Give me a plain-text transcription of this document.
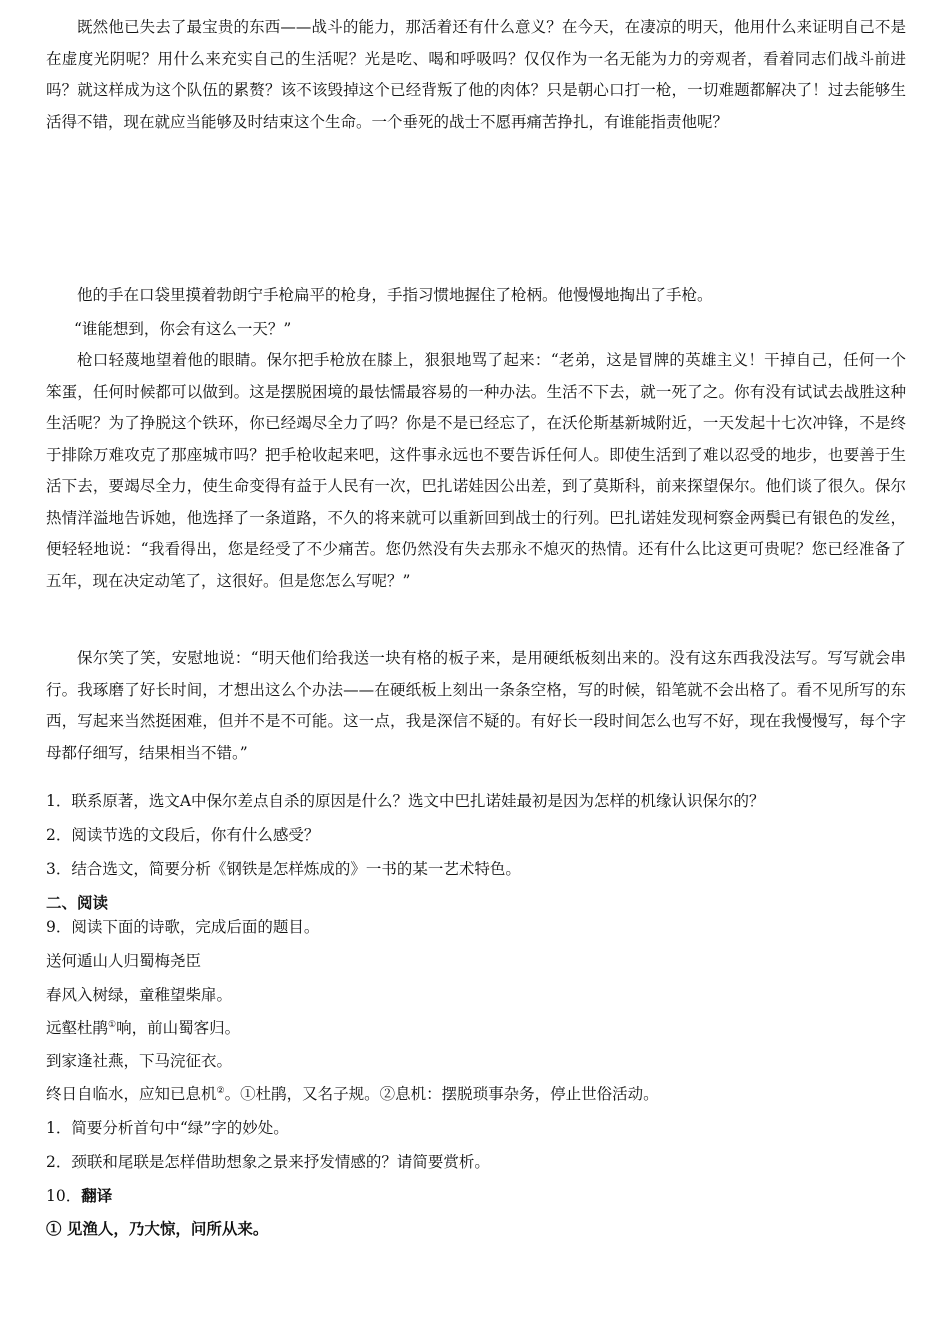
既然他已失去了最宝贵的东西——战斗的能力，那活着还有什么意义？在今天，在凄凉的明天，他用什么来证明自己不是在虚度光阴呢？用什么来充实自己的生活呢？光是吃、喝和呼吸吗？仅仅作为一名无能为力的旁观者，看着同志们战斗前进吗？就这样成为这个队伍的累赘？该不该毁掉这个已经背叛了他的肉体？只是朝心口打一枪，一切难题都解决了！过去能够生活得不错，现在就应当能够及时结束这个生命。一个垂死的战士不愿再痛苦挣扎，有谁能指责他呢？

他的手在口袋里摸着勃朗宁手枪扁平的枪身，手指习惯地握住了枪柄。他慢慢地掏出了手枪。

“谁能想到，你会有这么一天？”

枪口轻蔑地望着他的眼睛。保尔把手枪放在膝上，狠狠地骂了起来：“老弟，这是冒牌的英雄主义！干掉自己，任何一个笨蛋，任何时候都可以做到。这是摆脱困境的最怯懦最容易的一种办法。生活不下去，就一死了之。你有没有试试去战胜这种生活呢？为了挣脱这个铁环，你已经竭尽全力了吗？你是不是已经忘了，在沃伦斯基新城附近，一天发起十七次冲锋，不是终于排除万难攻克了那座城市吗？把手枪收起来吧，这件事永远也不要告诉任何人。即使生活到了难以忍受的地步，也要善于生活下去，要竭尽全力，使生命变得有益于人民有一次，巴扎诺娃因公出差，到了莫斯科，前来探望保尔。他们谈了很久。保尔热情洋溢地告诉她，他选择了一条道路，不久的将来就可以重新回到战士的行列。巴扎诺娃发现柯察金两鬓已有银色的发丝，便轻轻地说：“我看得出，您是经受了不少痛苦。您仍然没有失去那永不熄灭的热情。还有什么比这更可贵呢？您已经准备了五年，现在决定动笔了，这很好。但是您怎么写呢？”

保尔笑了笑，安慰地说：“明天他们给我送一块有格的板子来，是用硬纸板刻出来的。没有这东西我没法写。写写就会串行。我琢磨了好长时间，才想出这么个办法——在硬纸板上刻出一条条空格，写的时候，铅笔就不会出格了。看不见所写的东西，写起来当然挺困难，但并不是不可能。这一点，我是深信不疑的。有好长一段时间怎么也写不好，现在我慢慢写，每个字母都仔细写，结果相当不错。”

1．联系原著，选文A中保尔差点自杀的原因是什么？选文中巴扎诺娃最初是因为怎样的机缘认识保尔的？

2．阅读节选的文段后，你有什么感受？

3．结合选文，简要分析《钢铁是怎样炼成的》一书的某一艺术特色。

二、阅读

9．阅读下面的诗歌，完成后面的题目。

送何遁山人归蜀梅尧臣

春风入树绿，童稚望柴扉。

远壑杜鹃①响，前山蜀客归。

到家逢社燕，下马浣征衣。

终日自临水，应知已息机②。①杜鹃，又名子规。②息机：摆脱琐事杂务，停止世俗活动。

1．简要分析首句中“绿”字的妙处。

2．颈联和尾联是怎样借助想象之景来抒发情感的？请简要赏析。

10．翻译

① 见渔人，乃大惊，问所从来。
